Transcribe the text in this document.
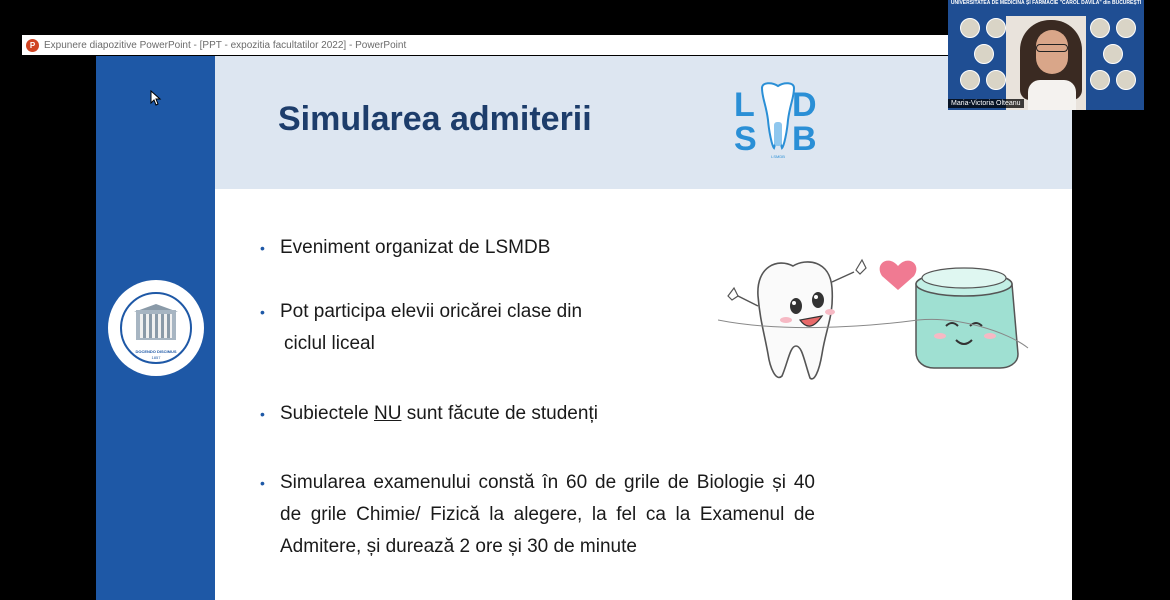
P Expunere diapozitive PowerPoint - [PPT - expozitia facultatilor 2022] - PowerPoint
DOCENDO DISCIMUS
1857
Simularea admiterii	L D
S B
LSMDB
• Eveniment organizat de LSMDB
• Pot participa elevii oricărei clase din
ciclul liceal
• Subiectele NU sunt făcute de studenți
• Simularea examenului constă în 60 de grile de Biologie și 40 de grile Chimie/ Fizică la alegere, la fel ca la Examenul de Admitere, și durează 2 ore și 30 de minute
UNIVERSITATEA DE MEDICINĂ ȘI FARMACIE "CAROL DAVILA" din BUCUREȘTI
Maria-Victoria Olteanu
